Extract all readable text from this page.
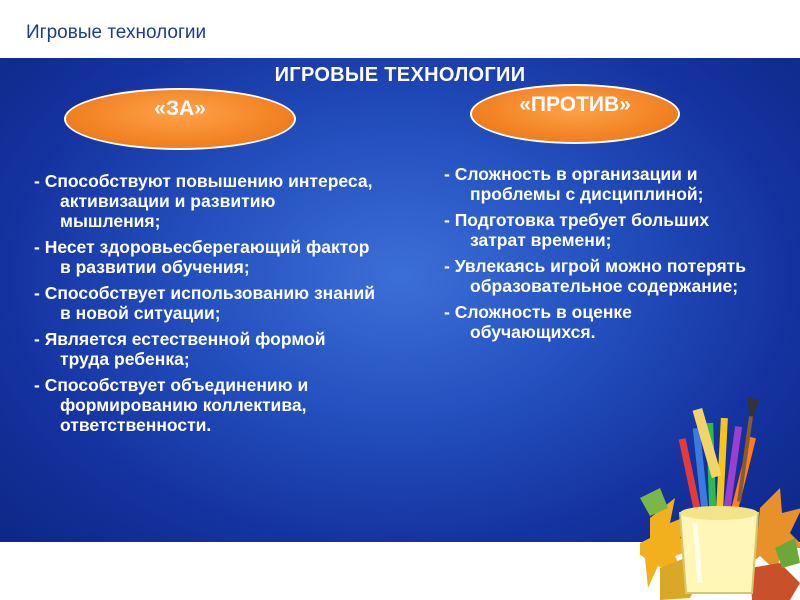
Игровые технологии
ИГРОВЫЕ ТЕХНОЛОГИИ
«ЗА»	«ПРОТИВ»
- Способствуют повышению интереса, активизации и развитию мышления;
- Несет здоровьесберегающий фактор в развитии обучения;
- Способствует использованию знаний в новой ситуации;
- Является естественной формой труда ребенка;
- Способствует объединению и формированию коллектива, ответственности.
- Сложность в организации и проблемы с дисциплиной;
- Подготовка требует больших затрат времени;
- Увлекаясь игрой можно потерять образовательное содержание;
- Сложность в оценке обучающихся.
